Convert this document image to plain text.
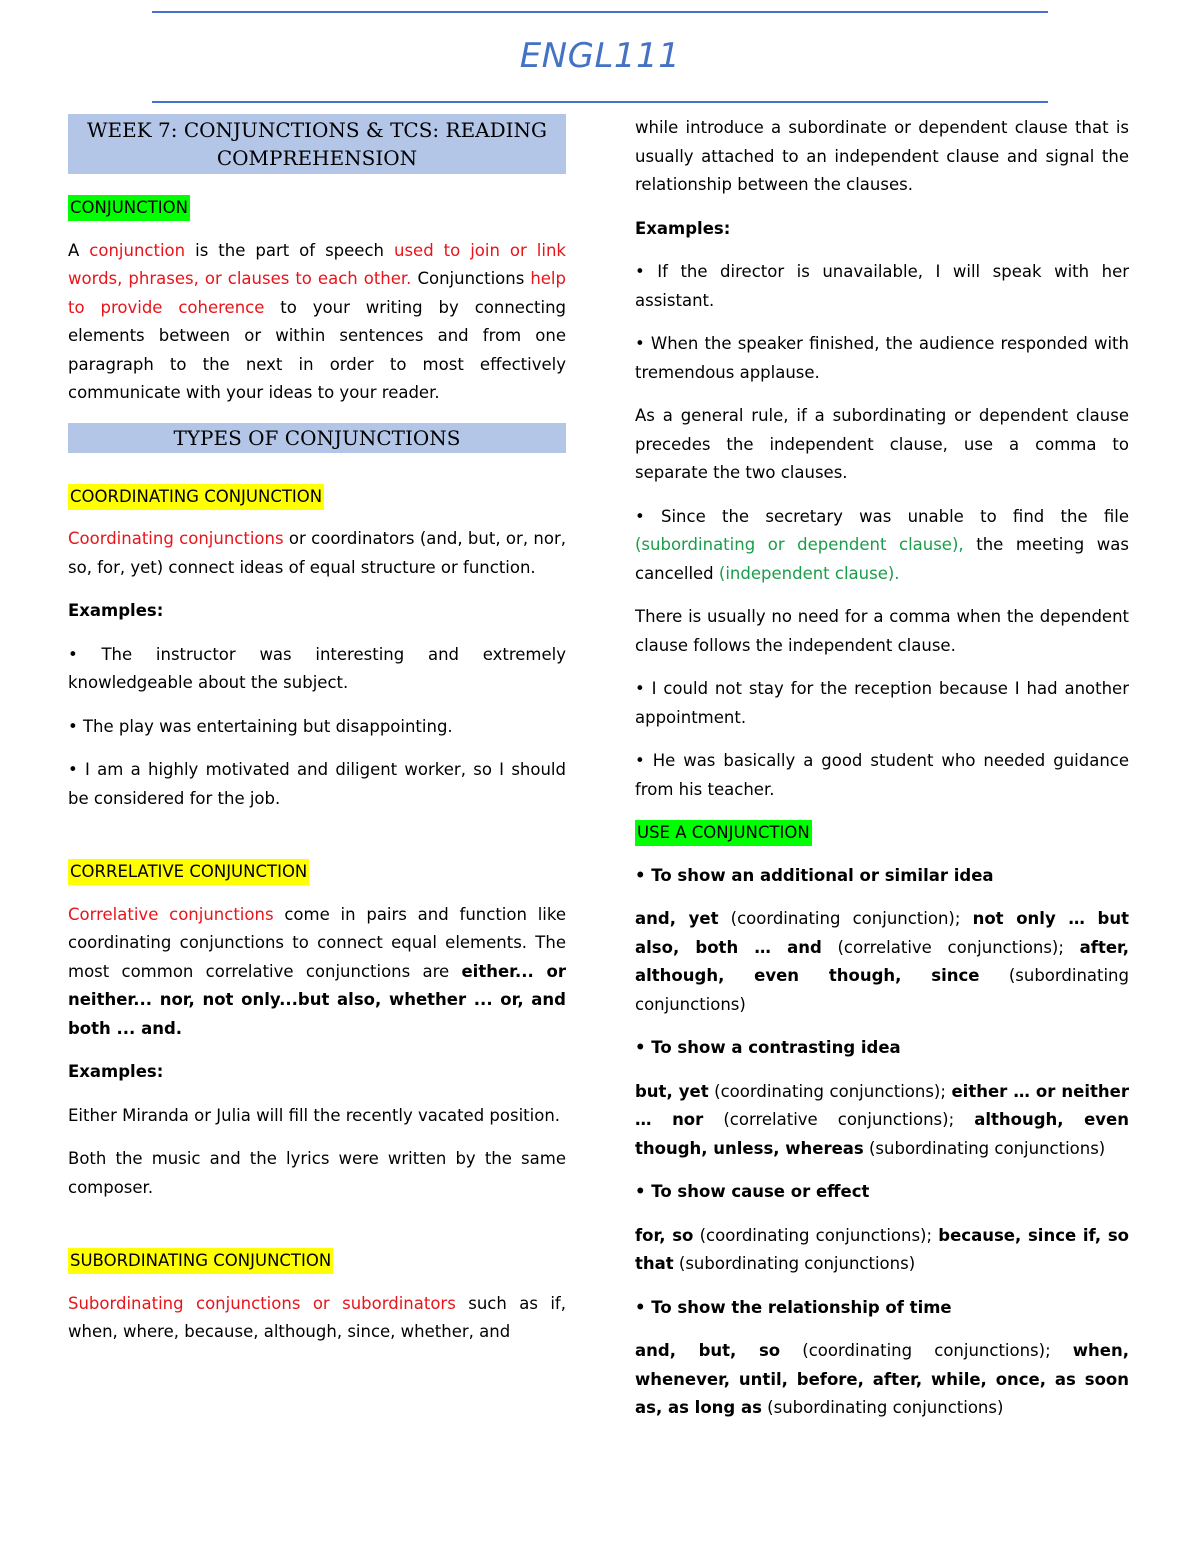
ENGL111
WEEK 7: CONJUNCTIONS & TCS: READING COMPREHENSION

CONJUNCTION

A conjunction is the part of speech used to join or link words, phrases, or clauses to each other. Conjunctions help to provide coherence to your writing by connecting elements between or within sentences and from one paragraph to the next in order to most effectively communicate with your ideas to your reader.

TYPES OF CONJUNCTIONS

COORDINATING CONJUNCTION

Coordinating conjunctions or coordinators (and, but, or, nor, so, for, yet) connect ideas of equal structure or function.

Examples:

• The instructor was interesting and extremely knowledgeable about the subject.

• The play was entertaining but disappointing.

• I am a highly motivated and diligent worker, so I should be considered for the job.

CORRELATIVE CONJUNCTION

Correlative conjunctions come in pairs and function like coordinating conjunctions to connect equal elements. The most common correlative conjunctions are either... or neither... nor, not only...but also, whether ... or, and both ... and.

Examples:

Either Miranda or Julia will fill the recently vacated position.

Both the music and the lyrics were written by the same composer.

SUBORDINATING CONJUNCTION

Subordinating conjunctions or subordinators such as if, when, where, because, although, since, whether, and

while introduce a subordinate or dependent clause that is usually attached to an independent clause and signal the relationship between the clauses.

Examples:

• If the director is unavailable, I will speak with her assistant.

• When the speaker finished, the audience responded with tremendous applause.

As a general rule, if a subordinating or dependent clause precedes the independent clause, use a comma to separate the two clauses.

• Since the secretary was unable to find the file (subordinating or dependent clause), the meeting was cancelled (independent clause).

There is usually no need for a comma when the dependent clause follows the independent clause.

• I could not stay for the reception because I had another appointment.

• He was basically a good student who needed guidance from his teacher.

USE A CONJUNCTION

• To show an additional or similar idea

and, yet (coordinating conjunction); not only … but also, both … and (correlative conjunctions); after, although, even though, since (subordinating conjunctions)

• To show a contrasting idea

but, yet (coordinating conjunctions); either … or neither … nor (correlative conjunctions); although, even though, unless, whereas (subordinating conjunctions)

• To show cause or effect

for, so (coordinating conjunctions); because, since if, so that (subordinating conjunctions)

• To show the relationship of time

and, but, so (coordinating conjunctions); when, whenever, until, before, after, while, once, as soon as, as long as (subordinating conjunctions)
